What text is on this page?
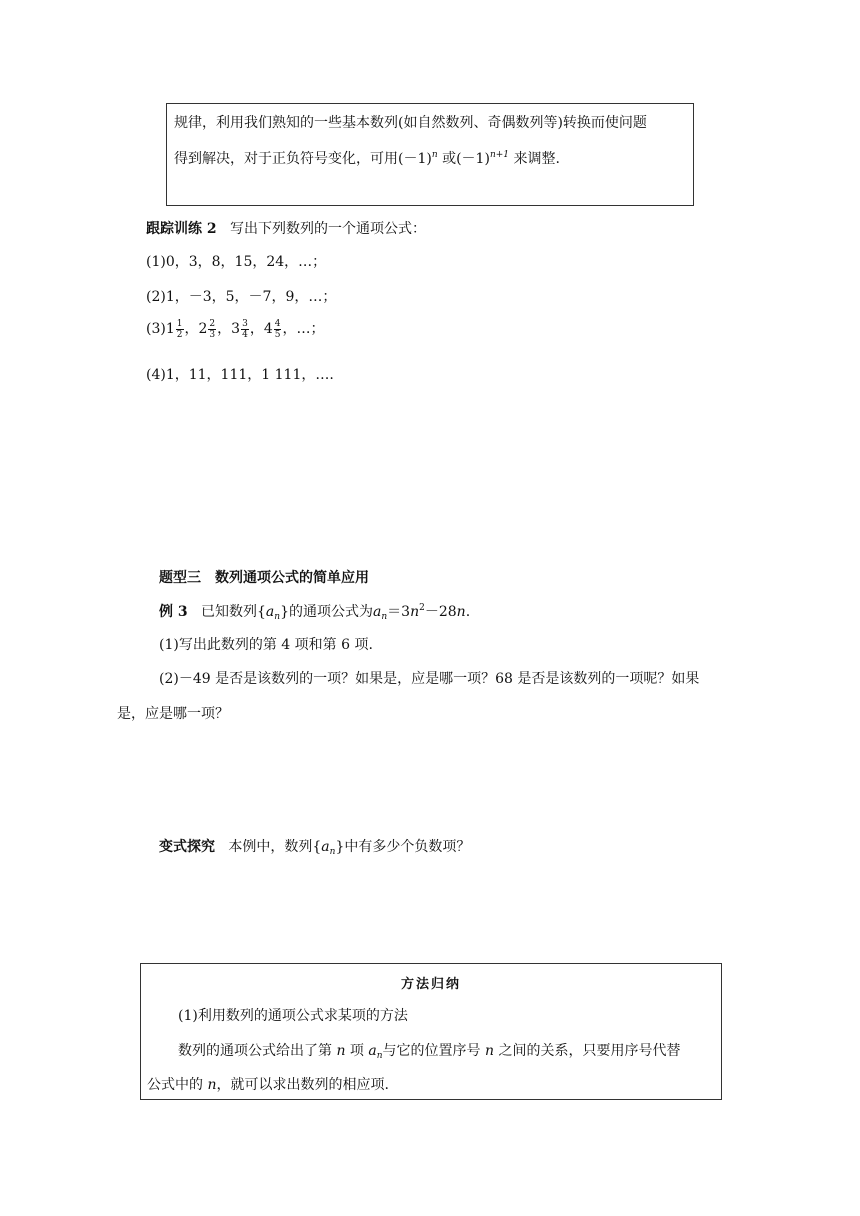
规律，利用我们熟知的一些基本数列(如自然数列、奇偶数列等)转换而使问题
得到解决，对于正负符号变化，可用$(-1)^n$ 或$(-1)^{n+1}$ 来调整.
跟踪训练 2 写出下列数列的一个通项公式：
(1)0，3，8，15，24，…；
(2)1，－3，5，－7，9，…；
$(3)1 \frac{1}{2}$ ，$2 \frac{2}{3}$ ，$3 \frac{3}{4}$ ，$4 \frac{4}{5}$ ，…；
(4)1，11，111，1 111，….
题型三　数列通项公式的简单应用
例 3 已知数列$\{a_n\}$的通项公式为$a_n=3n^2-28n$.
(1)写出此数列的第 4 项和第 6 项.
(2)－49 是否是该数列的一项？如果是，应是哪一项？68 是否是该数列的一项呢？如果
是，应是哪一项？
变式探究 本例中，数列$\{a_n\}$中有多少个负数项？
方法归纳
(1)利用数列的通项公式求某项的方法
数列的通项公式给出了第 n 项 $a_n$与它的位置序号 n 之间的关系，只要用序号代替
公式中的 n，就可以求出数列的相应项.
